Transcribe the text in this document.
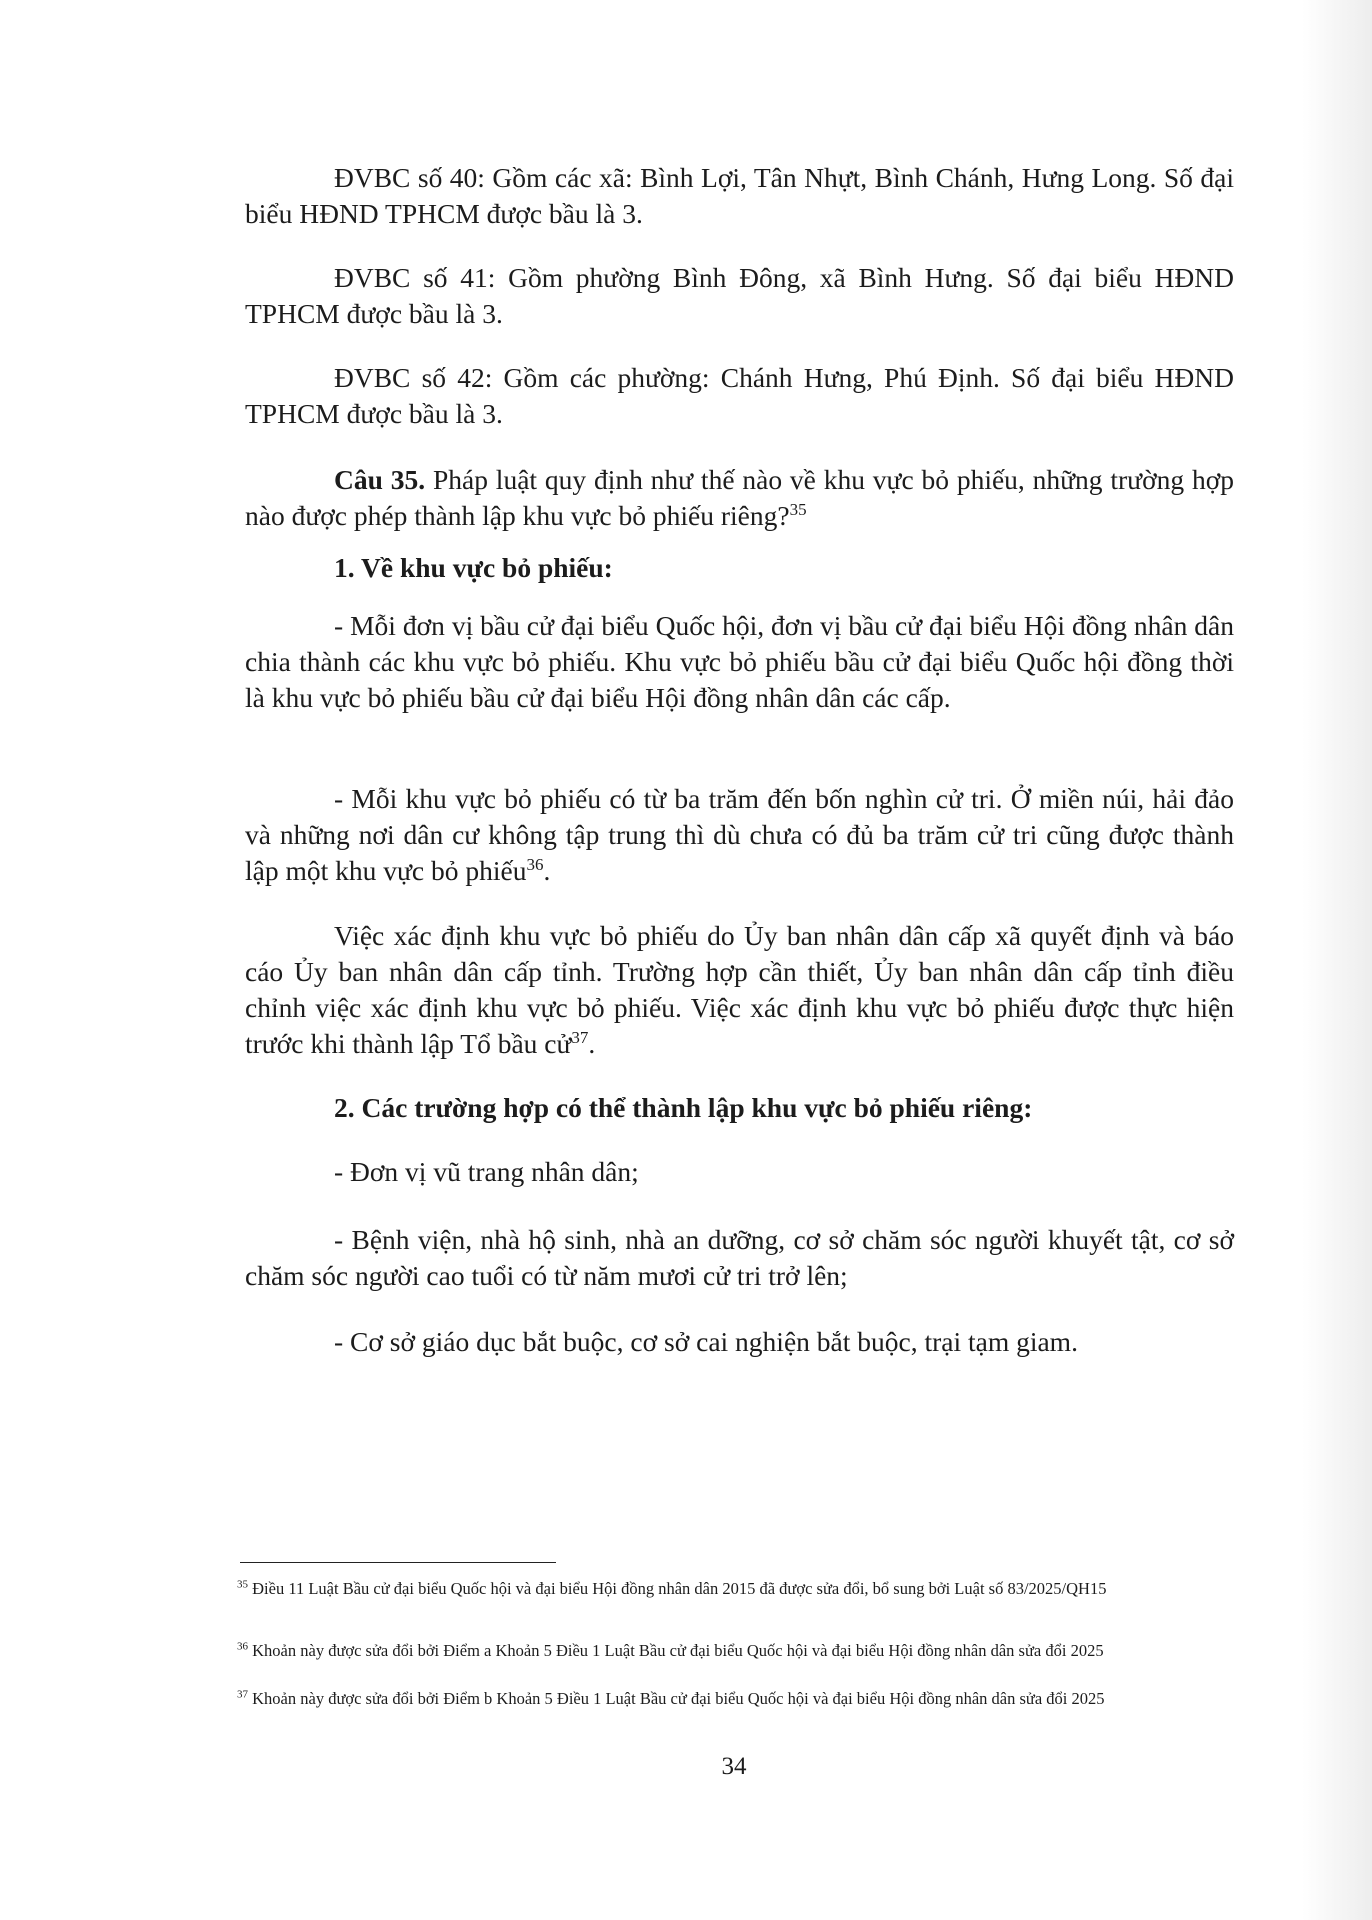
ĐVBC số 40: Gồm các xã: Bình Lợi, Tân Nhựt, Bình Chánh, Hưng Long. Số đại biểu HĐND TPHCM được bầu là 3.

ĐVBC số 41: Gồm phường Bình Đông, xã Bình Hưng. Số đại biểu HĐND TPHCM được bầu là 3.

ĐVBC số 42: Gồm các phường: Chánh Hưng, Phú Định. Số đại biểu HĐND TPHCM được bầu là 3.

Câu 35. Pháp luật quy định như thế nào về khu vực bỏ phiếu, những trường hợp nào được phép thành lập khu vực bỏ phiếu riêng?$^{35}$

1. Về khu vực bỏ phiếu:

- Mỗi đơn vị bầu cử đại biểu Quốc hội, đơn vị bầu cử đại biểu Hội đồng nhân dân chia thành các khu vực bỏ phiếu. Khu vực bỏ phiếu bầu cử đại biểu Quốc hội đồng thời là khu vực bỏ phiếu bầu cử đại biểu Hội đồng nhân dân các cấp.

- Mỗi khu vực bỏ phiếu có từ ba trăm đến bốn nghìn cử tri. Ở miền núi, hải đảo và những nơi dân cư không tập trung thì dù chưa có đủ ba trăm cử tri cũng được thành lập một khu vực bỏ phiếu$^{36}$.

Việc xác định khu vực bỏ phiếu do Ủy ban nhân dân cấp xã quyết định và báo cáo Ủy ban nhân dân cấp tỉnh. Trường hợp cần thiết, Ủy ban nhân dân cấp tỉnh điều chỉnh việc xác định khu vực bỏ phiếu. Việc xác định khu vực bỏ phiếu được thực hiện trước khi thành lập Tổ bầu cử$^{37}$.

2. Các trường hợp có thể thành lập khu vực bỏ phiếu riêng:

- Đơn vị vũ trang nhân dân;

- Bệnh viện, nhà hộ sinh, nhà an dưỡng, cơ sở chăm sóc người khuyết tật, cơ sở chăm sóc người cao tuổi có từ năm mươi cử tri trở lên;

- Cơ sở giáo dục bắt buộc, cơ sở cai nghiện bắt buộc, trại tạm giam.

$^{35}$ Điều 11 Luật Bầu cử đại biểu Quốc hội và đại biểu Hội đồng nhân dân 2015 đã được sửa đổi, bổ sung bởi Luật số 83/2025/QH15

$^{36}$ Khoản này được sửa đổi bởi Điểm a Khoản 5 Điều 1 Luật Bầu cử đại biểu Quốc hội và đại biểu Hội đồng nhân dân sửa đổi 2025

$^{37}$ Khoản này được sửa đổi bởi Điểm b Khoản 5 Điều 1 Luật Bầu cử đại biểu Quốc hội và đại biểu Hội đồng nhân dân sửa đổi 2025

34
